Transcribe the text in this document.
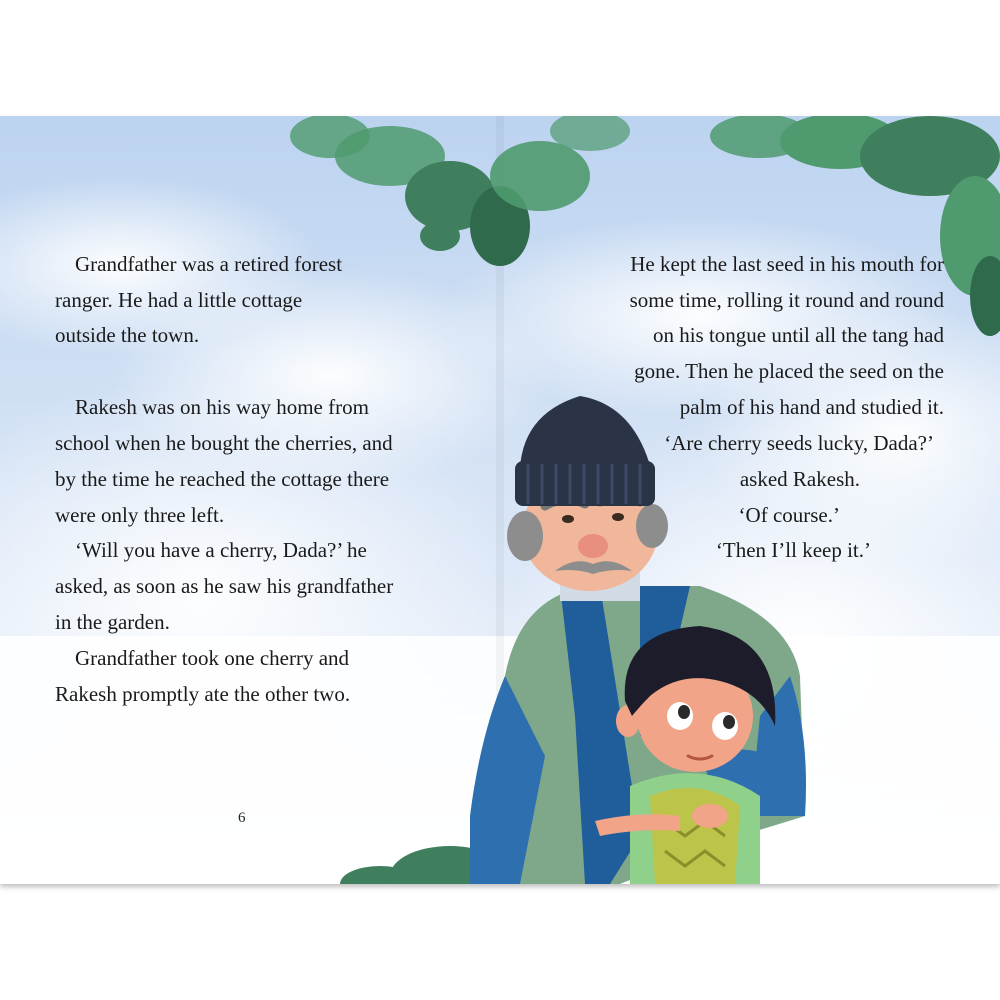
Grandfather was a retired forest
ranger. He had a little cottage
outside the town.
Rakesh was on his way home from
school when he bought the cherries, and
by the time he reached the cottage there
were only three left.
‘Will you have a cherry, Dada?’ he
asked, as soon as he saw his grandfather
in the garden.
Grandfather took one cherry and
Rakesh promptly ate the other two.
6
He kept the last seed in his mouth for
some time, rolling it round and round
on his tongue until all the tang had
gone. Then he placed the seed on the
palm of his hand and studied it.
‘Are cherry seeds lucky, Dada?’
asked Rakesh.
‘Of course.’
‘Then I’ll keep it.’
